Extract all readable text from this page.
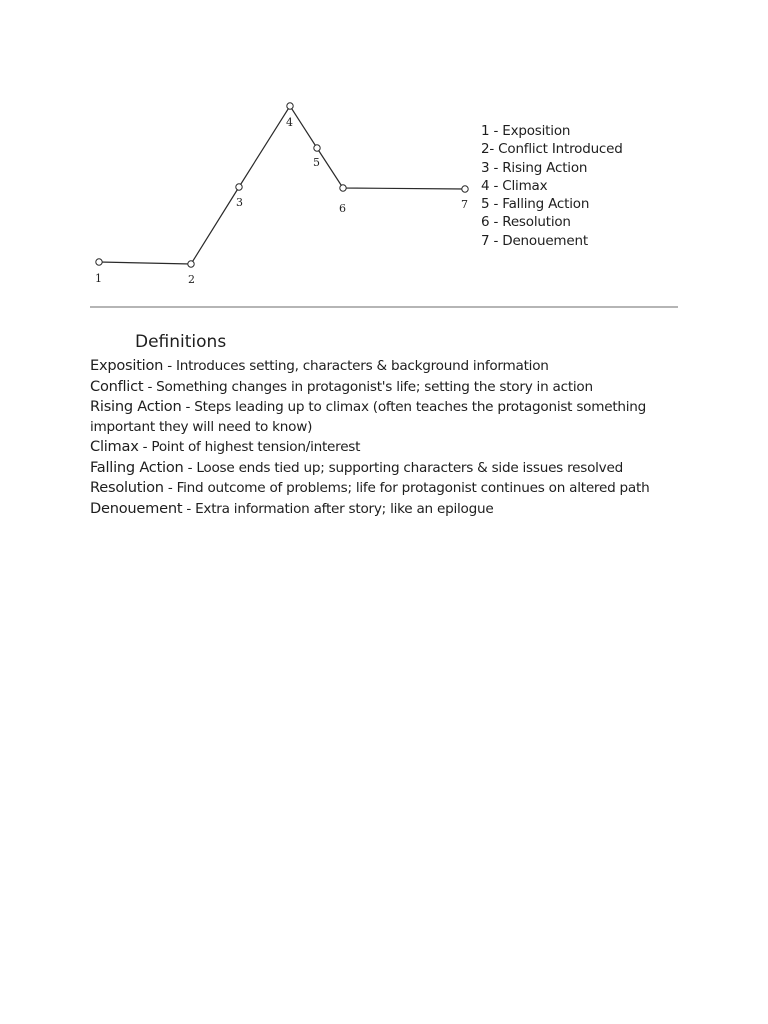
1	2
3
4
5
6	7
1 - Exposition
2- Conflict Introduced
3 - Rising Action
4 - Climax
5 - Falling Action
6 - Resolution
7 - Denouement
Definitions
Exposition - Introduces setting, characters & background information
Conflict - Something changes in protagonist's life; setting the story in action
Rising Action - Steps leading up to climax (often teaches the protagonist something important they will need to know)
Climax - Point of highest tension/interest
Falling Action - Loose ends tied up; supporting characters & side issues resolved
Resolution - Find outcome of problems; life for protagonist continues on altered path
Denouement - Extra information after story; like an epilogue
